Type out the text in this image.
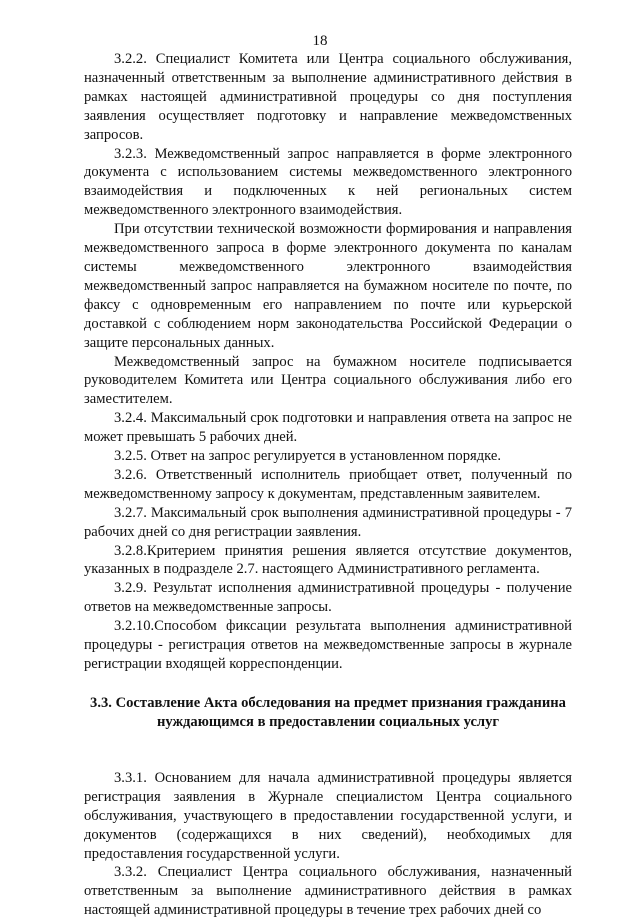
18

3.2.2. Специалист Комитета или Центра социального обслуживания, назначенный ответственным за выполнение административного действия в рамках настоящей административной процедуры со дня поступления заявления осуществляет подготовку и направление межведомственных запросов.

3.2.3. Межведомственный запрос направляется в форме электронного документа с использованием системы межведомственного электронного взаимодействия и подключенных к ней региональных систем межведомственного электронного взаимодействия.

При отсутствии технической возможности формирования и направления межведомственного запроса в форме электронного документа по каналам системы межведомственного электронного взаимодействия межведомственный запрос направляется на бумажном носителе по почте, по факсу с одновременным его направлением по почте или курьерской доставкой с соблюдением норм законодательства Российской Федерации о защите персональных данных.

Межведомственный запрос на бумажном носителе подписывается руководителем Комитета или Центра социального обслуживания либо его заместителем.

3.2.4. Максимальный срок подготовки и направления ответа на запрос не может превышать 5 рабочих дней.

3.2.5. Ответ на запрос регулируется в установленном порядке.

3.2.6. Ответственный исполнитель приобщает ответ, полученный по межведомственному запросу к документам, представленным заявителем.

3.2.7. Максимальный срок выполнения административной процедуры - 7 рабочих дней со дня регистрации заявления.

3.2.8.Критерием принятия решения является отсутствие документов, указанных в подразделе 2.7. настоящего Административного регламента.

3.2.9. Результат исполнения административной процедуры - получение ответов на межведомственные запросы.

3.2.10.Способом фиксации результата выполнения административной процедуры - регистрация ответов на межведомственные запросы в журнале регистрации входящей корреспонденции.

3.3. Составление Акта обследования на предмет признания гражданина нуждающимся в предоставлении социальных услуг

3.3.1. Основанием для начала административной процедуры является регистрация заявления в Журнале специалистом Центра социального обслуживания, участвующего в предоставлении государственной услуги, и документов (содержащихся в них сведений), необходимых для предоставления государственной услуги.

3.3.2. Специалист Центра социального обслуживания, назначенный ответственным за выполнение административного действия в рамках настоящей административной процедуры в течение трех рабочих дней со
